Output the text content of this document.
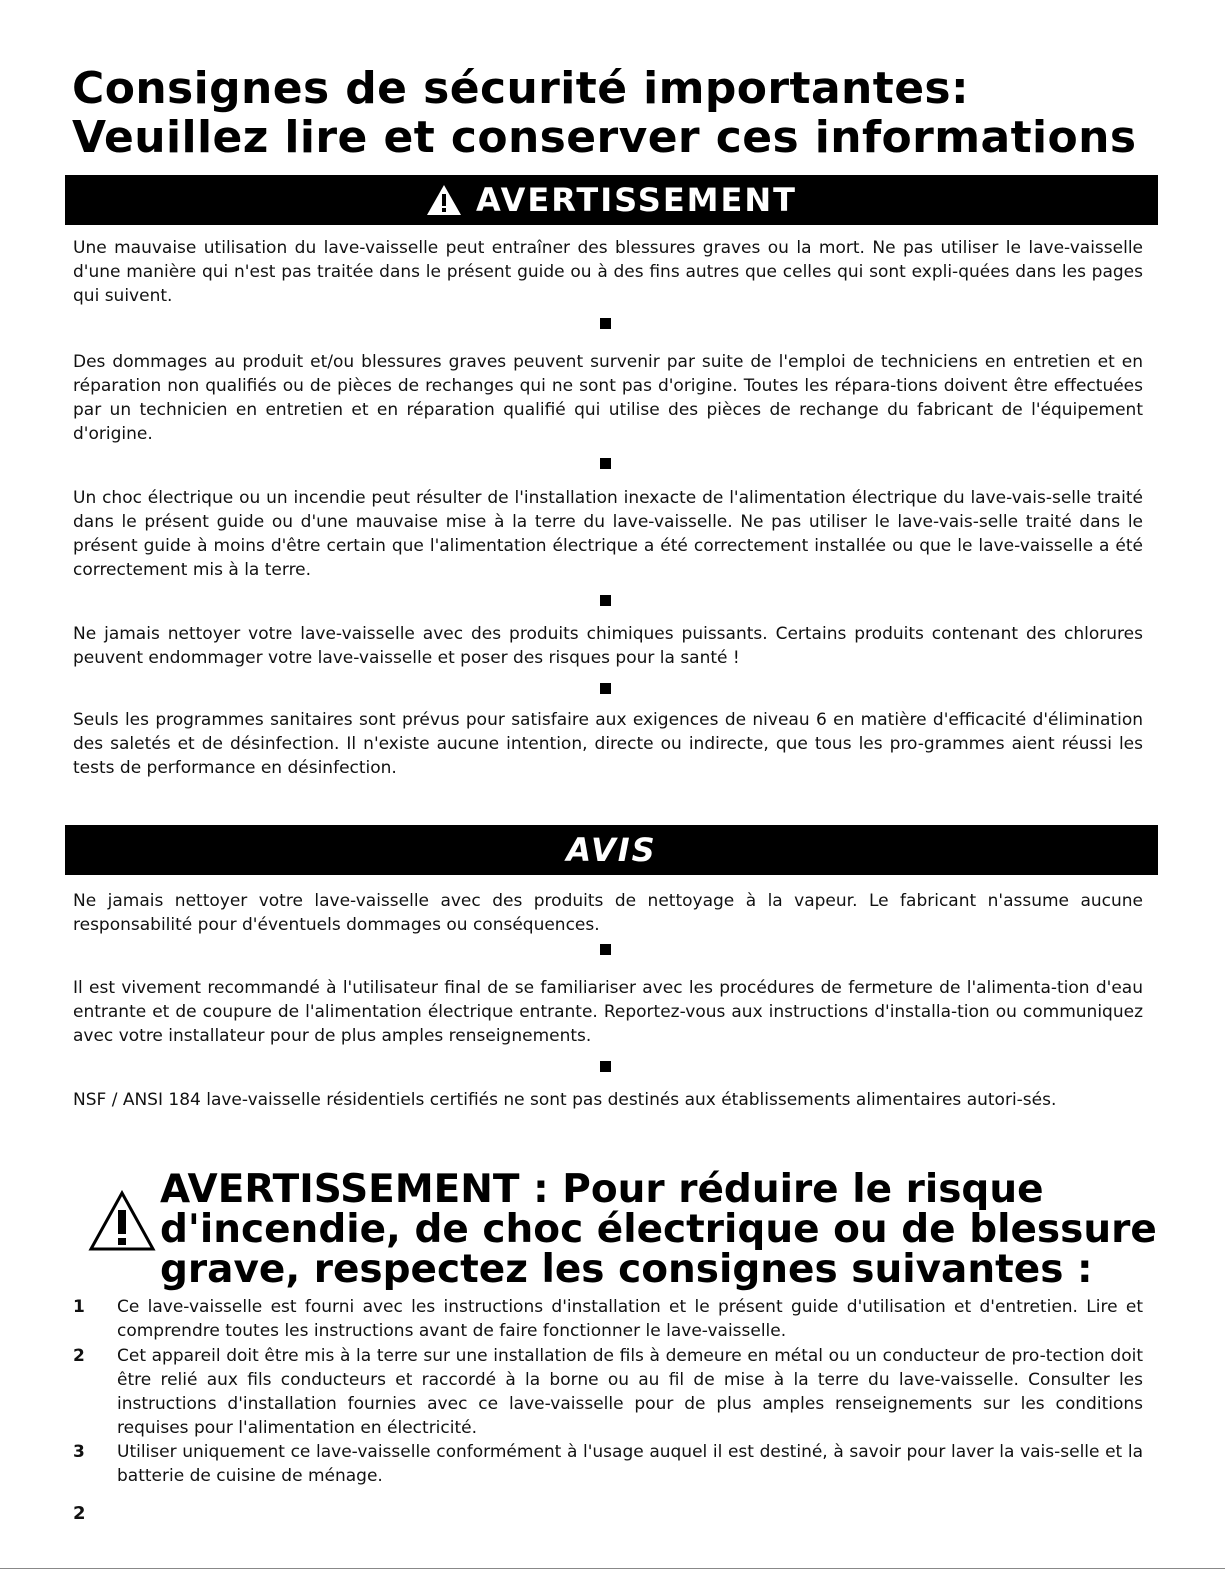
Consignes de sécurité importantes: Veuillez lire et conserver ces informations
AVERTISSEMENT

Une mauvaise utilisation du lave-vaisselle peut entraîner des blessures graves ou la mort. Ne pas utiliser le lave-vaisselle d'une manière qui n'est pas traitée dans le présent guide ou à des fins autres que celles qui sont expli-quées dans les pages qui suivent.

Des dommages au produit et/ou blessures graves peuvent survenir par suite de l'emploi de techniciens en entretien et en réparation non qualifiés ou de pièces de rechanges qui ne sont pas d'origine. Toutes les répara-tions doivent être effectuées par un technicien en entretien et en réparation qualifié qui utilise des pièces de rechange du fabricant de l'équipement d'origine.

Un choc électrique ou un incendie peut résulter de l'installation inexacte de l'alimentation électrique du lave-vais-selle traité dans le présent guide ou d'une mauvaise mise à la terre du lave-vaisselle. Ne pas utiliser le lave-vais-selle traité dans le présent guide à moins d'être certain que l'alimentation électrique a été correctement installée ou que le lave-vaisselle a été correctement mis à la terre.

Ne jamais nettoyer votre lave-vaisselle avec des produits chimiques puissants. Certains produits contenant des chlorures peuvent endommager votre lave-vaisselle et poser des risques pour la santé !

Seuls les programmes sanitaires sont prévus pour satisfaire aux exigences de niveau 6 en matière d'efficacité d'élimination des saletés et de désinfection. Il n'existe aucune intention, directe ou indirecte, que tous les pro-grammes aient réussi les tests de performance en désinfection.

AVIS

Ne jamais nettoyer votre lave-vaisselle avec des produits de nettoyage à la vapeur. Le fabricant n'assume aucune responsabilité pour d'éventuels dommages ou conséquences.

Il est vivement recommandé à l'utilisateur final de se familiariser avec les procédures de fermeture de l'alimenta-tion d'eau entrante et de coupure de l'alimentation électrique entrante. Reportez-vous aux instructions d'installa-tion ou communiquez avec votre installateur pour de plus amples renseignements.

NSF / ANSI 184 lave-vaisselle résidentiels certifiés ne sont pas destinés aux établissements alimentaires autori-sés.

AVERTISSEMENT : Pour réduire le risque d'incendie, de choc électrique ou de blessure grave, respectez les consignes suivantes :
1	Ce lave-vaisselle est fourni avec les instructions d'installation et le présent guide d'utilisation et d'entretien. Lire et comprendre toutes les instructions avant de faire fonctionner le lave-vaisselle.

2	Cet appareil doit être mis à la terre sur une installation de fils à demeure en métal ou un conducteur de pro-tection doit être relié aux fils conducteurs et raccordé à la borne ou au fil de mise à la terre du lave-vaisselle. Consulter les instructions d'installation fournies avec ce lave-vaisselle pour de plus amples renseignements sur les conditions requises pour l'alimentation en électricité.

3	Utiliser uniquement ce lave-vaisselle conformément à l'usage auquel il est destiné, à savoir pour laver la vais-selle et la batterie de cuisine de ménage.

2
